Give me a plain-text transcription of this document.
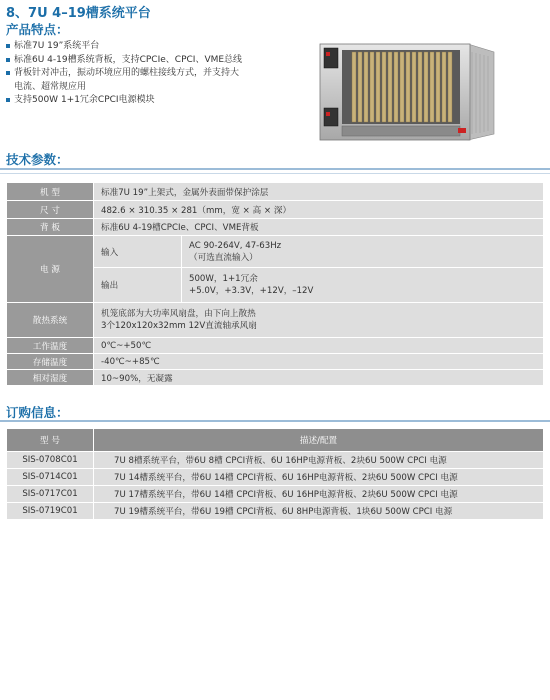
8、7U 4–19槽系统平台
产品特点：
标准7U 19”系统平台
标准6U 4-19槽系统背板，支持CPCIe、CPCI、VME总线
背板针对冲击，振动环境应用的螺柱接线方式，并支持大
电流、超常规应用
支持500W 1+1冗余CPCI电源模块
技术参数：
机 型	标准7U 19”上架式，金属外表面带保护涂层	
尺 寸	482.6 × 310.35 × 281（mm，宽 × 高 × 深）	
背 板	标准6U 4-19槽CPCIe、CPCI、VME背板	
电 源	输入	AC 90-264V, 47-63Hz
（可选直流输入）

	输出	500W，1+1冗余
+5.0V，+3.3V，+12V，–12V

散热系统	机笼底部为大功率风扇盘，由下向上散热
3个120x120x32mm 12V直流轴承风扇	

工作温度	0℃~+50℃	
存储温度	-40℃~+85℃	
相对湿度	10~90%，无凝露	
订购信息：
型 号	描述/配置
SIS-0708C01	7U 8槽系统平台，带6U 8槽 CPCI背板、6U 16HP电源背板、2块6U 500W CPCI 电源
SIS-0714C01	7U 14槽系统平台，带6U 14槽 CPCI背板、6U 16HP电源背板、2块6U 500W CPCI 电源
SIS-0717C01	7U 17槽系统平台，带6U 14槽 CPCI背板、6U 16HP电源背板、2块6U 500W CPCI 电源
SIS-0719C01	7U 19槽系统平台，带6U 19槽 CPCI背板、6U 8HP电源背板、1块6U 500W CPCI 电源
